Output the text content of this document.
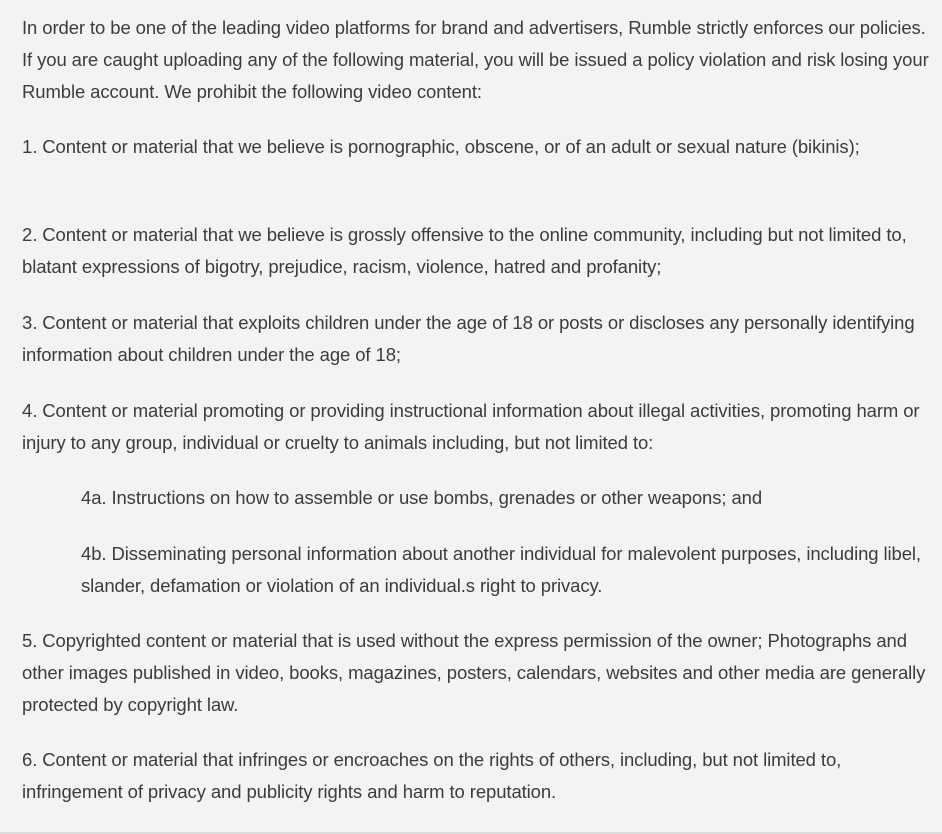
In order to be one of the leading video platforms for brand and advertisers, Rumble strictly enforces our policies. If you are caught uploading any of the following material, you will be issued a policy violation and risk losing your Rumble account. We prohibit the following video content:

1. Content or material that we believe is pornographic, obscene, or of an adult or sexual nature (bikinis);

2. Content or material that we believe is grossly offensive to the online community, including but not limited to, blatant expressions of bigotry, prejudice, racism, violence, hatred and profanity;

3. Content or material that exploits children under the age of 18 or posts or discloses any personally identifying information about children under the age of 18;

4. Content or material promoting or providing instructional information about illegal activities, promoting harm or injury to any group, individual or cruelty to animals including, but not limited to:

4a. Instructions on how to assemble or use bombs, grenades or other weapons; and

4b. Disseminating personal information about another individual for malevolent purposes, including libel, slander, defamation or violation of an individual.s right to privacy.

5. Copyrighted content or material that is used without the express permission of the owner; Photographs and other images published in video, books, magazines, posters, calendars, websites and other media are generally protected by copyright law.

6. Content or material that infringes or encroaches on the rights of others, including, but not limited to, infringement of privacy and publicity rights and harm to reputation.
